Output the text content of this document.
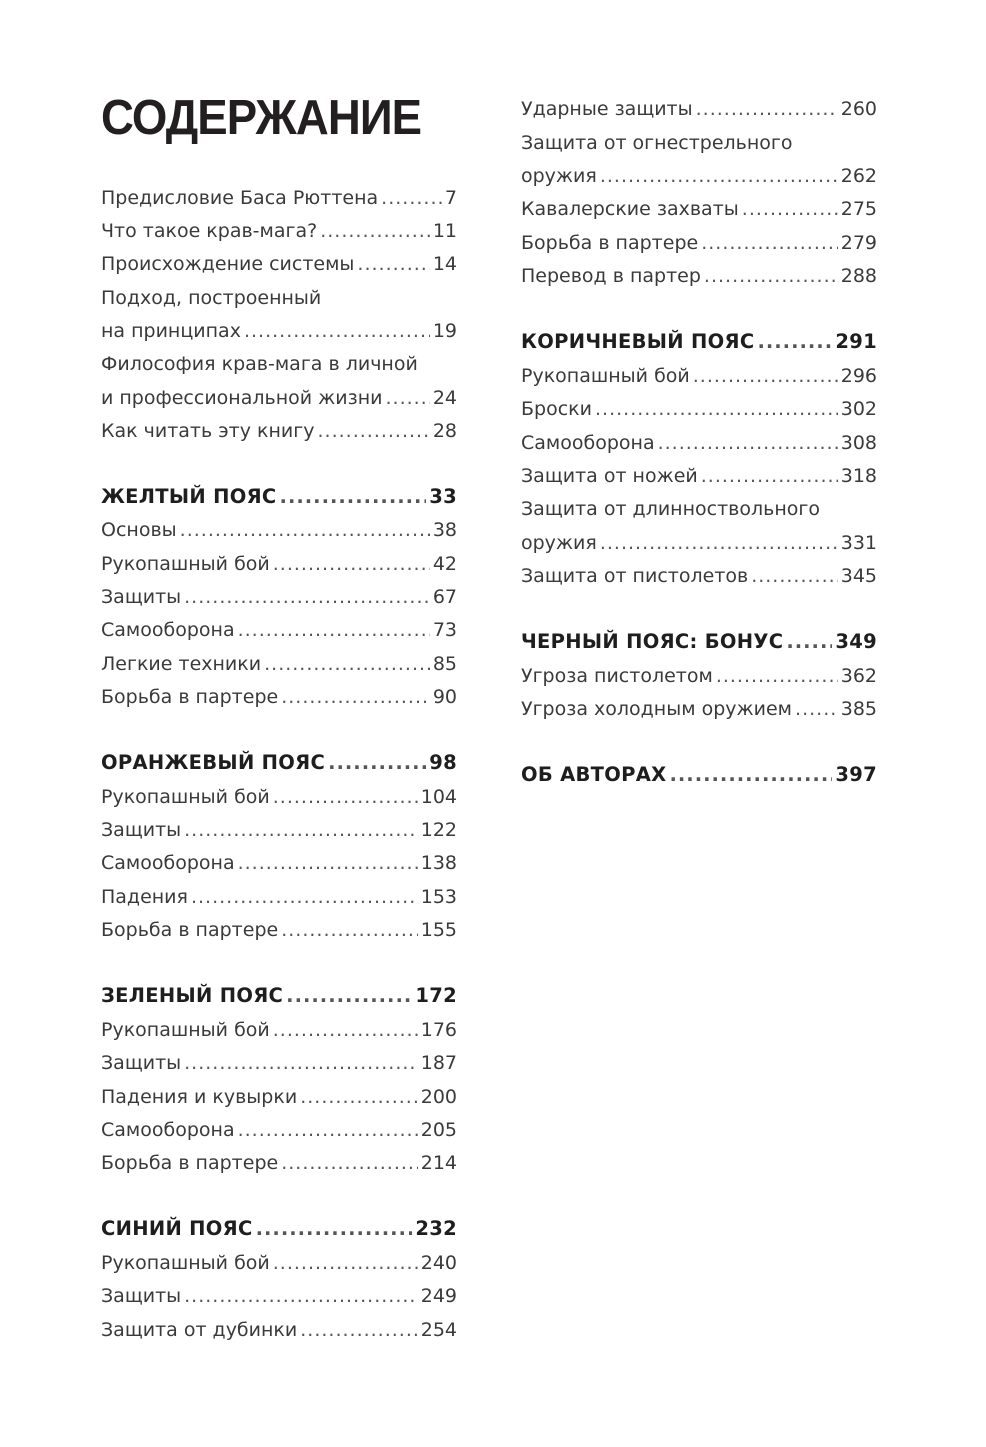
СОДЕРЖАНИЕ
Предисловие Баса Рюттена .....	7
Что такое крав-мага? .....	11
Происхождение системы .....	14
Подход, построенный
на принципах .....	19
Философия крав-мага в личной
и профессиональной жизни .....	24
Как читать эту книгу .....	28
ЖЕЛТЫЙ ПОЯС .....	33
Основы .....	38
Рукопашный бой .....	42
Защиты .....	67
Самооборона .....	73
Легкие техники .....	85
Борьба в партере .....	90
ОРАНЖЕВЫЙ ПОЯС .....	98
Рукопашный бой .....	104
Защиты .....	122
Самооборона .....	138
Падения .....	153
Борьба в партере .....	155
ЗЕЛЕНЫЙ ПОЯС .....	172
Рукопашный бой .....	176
Защиты .....	187
Падения и кувырки .....	200
Самооборона .....	205
Борьба в партере .....	214
СИНИЙ ПОЯС .....	232
Рукопашный бой .....	240
Защиты .....	249
Защита от дубинки .....	254
Ударные защиты .....	260
Защита от огнестрельного
оружия .....	262
Кавалерские захваты .....	275
Борьба в партере .....	279
Перевод в партер .....	288
КОРИЧНЕВЫЙ ПОЯС .....	291
Рукопашный бой .....	296
Броски .....	302
Самооборона .....	308
Защита от ножей .....	318
Защита от длинноствольного
оружия .....	331
Защита от пистолетов .....	345
ЧЕРНЫЙ ПОЯС: БОНУС .....	349
Угроза пистолетом .....	362
Угроза холодным оружием .....	385
ОБ АВТОРАХ .....	397
